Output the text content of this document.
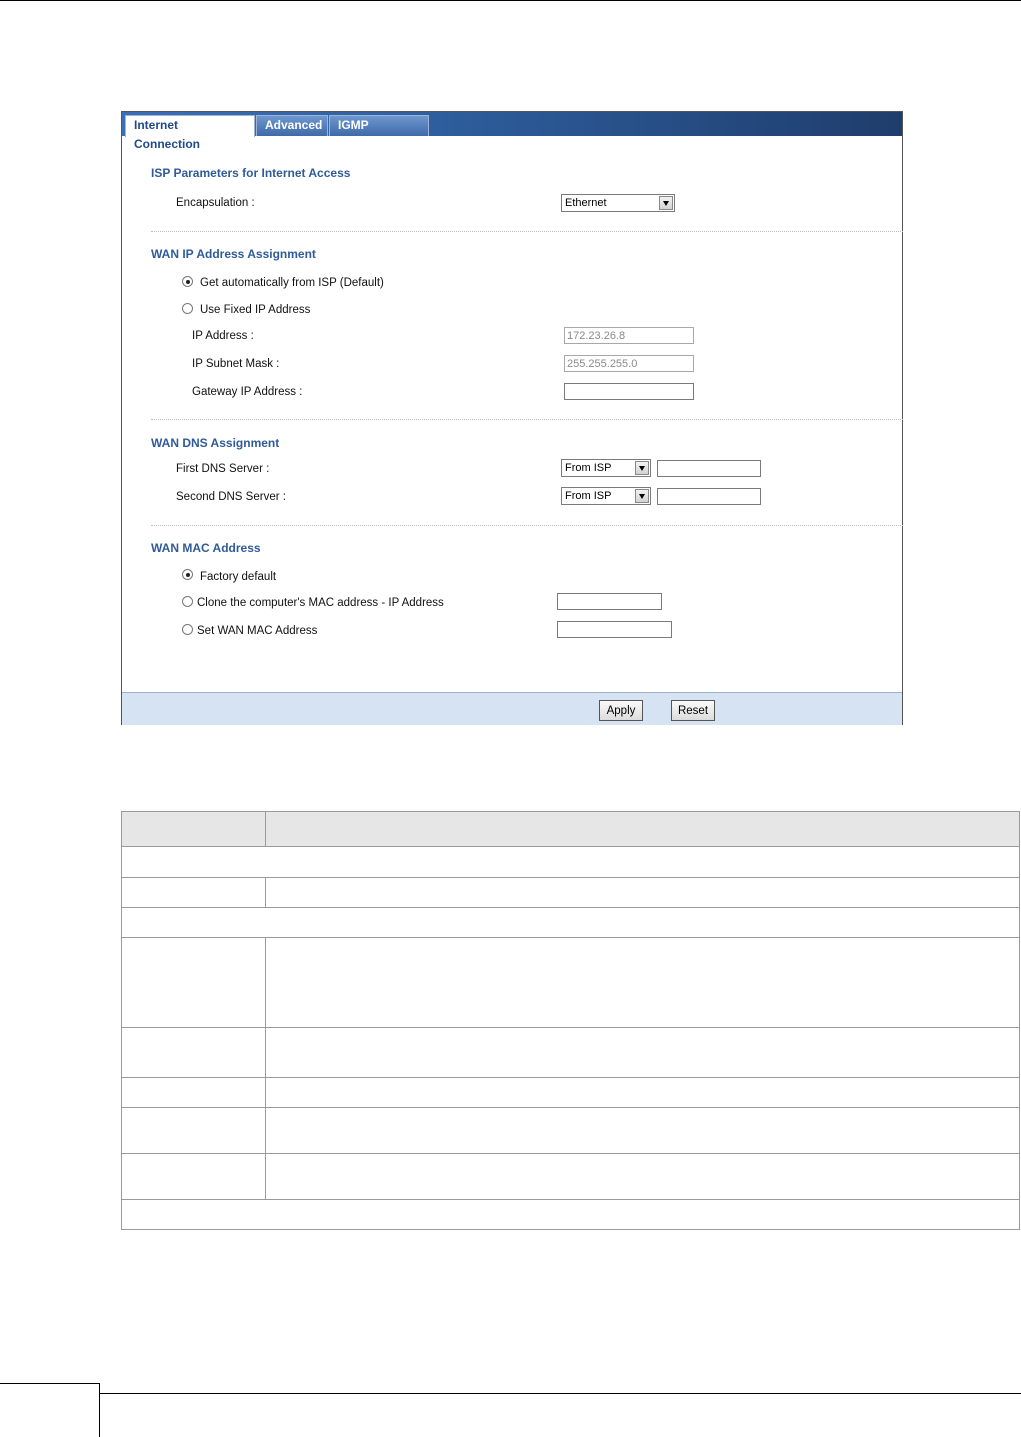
Internet Connection
Advanced	IGMP Blocking
ISP Parameters for Internet Access
Encapsulation :	Ethernet
WAN IP Address Assignment
Get automatically from ISP (Default)
Use Fixed IP Address
IP Address :
172.23.26.8
IP Subnet Mask :
255.255.255.0
Gateway IP Address :
WAN DNS Assignment
First DNS Server :	From ISP
Second DNS Server :	From ISP
WAN MAC Address
Factory default
Clone the computer's MAC address - IP Address
Set WAN MAC Address
Apply	Reset
